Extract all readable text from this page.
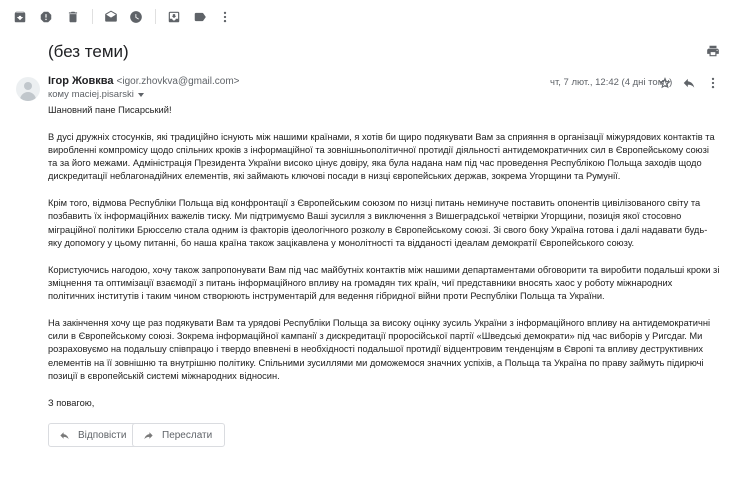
(без теми)
Ігор Жовква <igor.zhovkva@gmail.com>
кому maciej.pisarski
чт, 7 лют., 12:42 (4 дні тому)

Шановний пане Писарський!

В дусі дружніх стосунків, які традиційно існують між нашими країнами, я хотів би щиро подякувати Вам за сприяння в організації міжурядових контактів та виробленні компромісу щодо спільних кроків з інформаційної та зовнішньополітичної протидії діяльності антидемократичних сил в Європейському союзі та за його межами. Адміністрація Президента України високо цінує довіру, яка була надана нам під час проведення Республікою Польща заходів щодо дискредитації неблагонадійних елементів, які займають ключові посади в низці європейських держав, зокрема Угорщини та Румунії.

Крім того, відмова Республіки Польща від конфронтації з Європейським союзом по низці питань неминуче поставить опонентів цивілізованого світу та позбавить їх інформаційних важелів тиску. Ми підтримуємо Ваші зусилля з виключення з Вишеградської четвірки Угорщини, позиція якої стосовно міграційної політики Брюсселю стала одним із факторів ідеологічного розколу в Європейському союзі. Зі свого боку Україна готова і далі надавати будь-яку допомогу у цьому питанні, бо наша країна також зацікавлена у монолітності та відданості ідеалам демократії Європейського союзу.

Користуючись нагодою, хочу також запропонувати Вам під час майбутніх контактів між нашими департаментами обговорити та виробити подальші кроки зі зміцнення та оптимізації взаємодії з питань інформаційного впливу на громадян тих країн, чиї представники вносять хаос у роботу міжнародних політичних інститутів і таким чином створюють інструментарій для ведення гібридної війни проти Республіки Польща та України.

На закінчення хочу ще раз подякувати Вам та урядові Республіки Польща за високу оцінку зусиль України з інформаційного впливу на антидемократичні сили в Європейському союзі. Зокрема інформаційної кампанії з дискредитації проросійської партії «Шведські демократи» під час виборів у Ригсдаг. Ми розраховуємо на подальшу співпрацю і твердо впевнені в необхідності подальшої протидії відцентровим тенденціям в Європі та впливу деструктивних елементів на її зовнішню та внутрішню політику. Спільними зусиллями ми доможемося значних успіхів, а Польща та Україна по праву займуть підирючі позиції в європейській системі міжнародних відносин.

З повагою,

Відповісти	Переслати
